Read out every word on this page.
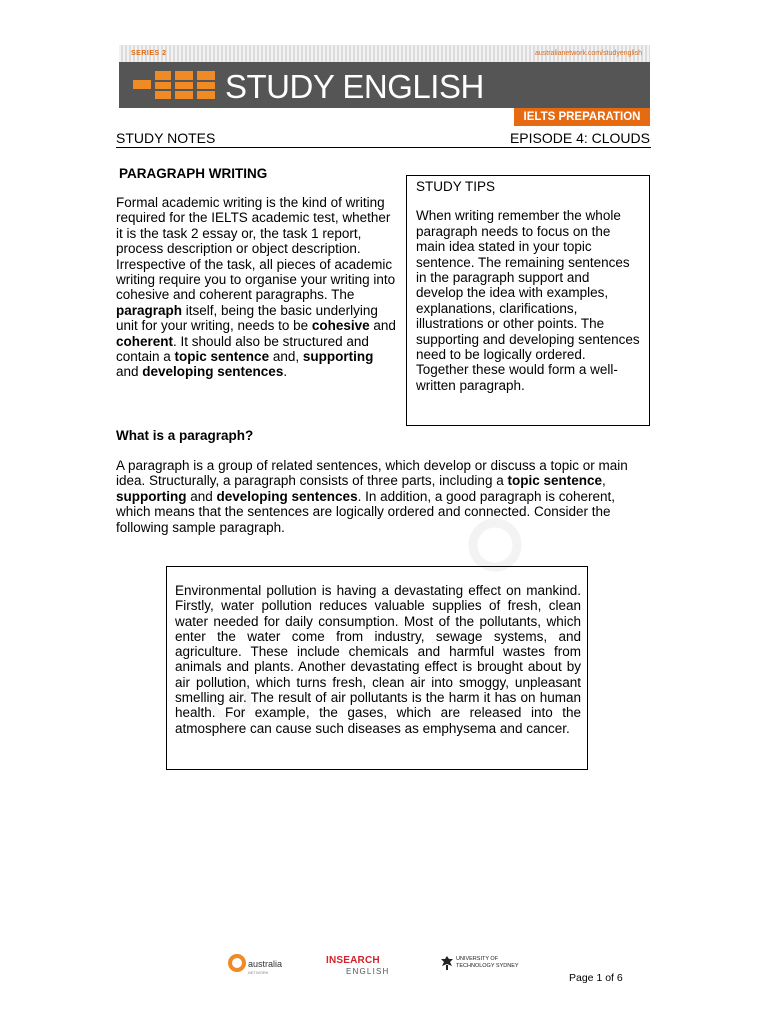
SERIES 2	australianetwork.com/studyenglish
STUDY ENGLISH
IELTS PREPARATION
STUDY NOTES	EPISODE 4: CLOUDS
PARAGRAPH WRITING
Formal academic writing is the kind of writing required for the IELTS academic test, whether it is the task 2 essay or, the task 1 report, process description or object description. Irrespective of the task, all pieces of academic writing require you to organise your writing into cohesive and coherent paragraphs. The paragraph itself, being the basic underlying unit for your writing, needs to be cohesive and coherent. It should also be structured and contain a topic sentence and, supporting and developing sentences.
STUDY TIPS
When writing remember the whole paragraph needs to focus on the main idea stated in your topic sentence. The remaining sentences in the paragraph support and develop the idea with examples, explanations, clarifications, illustrations or other points. The supporting and developing sentences need to be logically ordered. Together these would form a well-written paragraph.
What is a paragraph?
A paragraph is a group of related sentences, which develop or discuss a topic or main idea. Structurally, a paragraph consists of three parts, including a topic sentence, supporting and developing sentences. In addition, a good paragraph is coherent, which means that the sentences are logically ordered and connected. Consider the following sample paragraph.
Environmental pollution is having a devastating effect on mankind. Firstly, water pollution reduces valuable supplies of fresh, clean water needed for daily consumption. Most of the pollutants, which enter the water come from industry, sewage systems, and agriculture. These include chemicals and harmful wastes from animals and plants. Another devastating effect is brought about by air pollution, which turns fresh, clean air into smoggy, unpleasant smelling air. The result of air pollutants is the harm it has on human health. For example, the gases, which are released into the atmosphere can cause such diseases as emphysema and cancer.
australia
NETWORK
INSEARCH
ENGLISH
UNIVERSITY OF
TECHNOLOGY SYDNEY
Page 1 of 6
